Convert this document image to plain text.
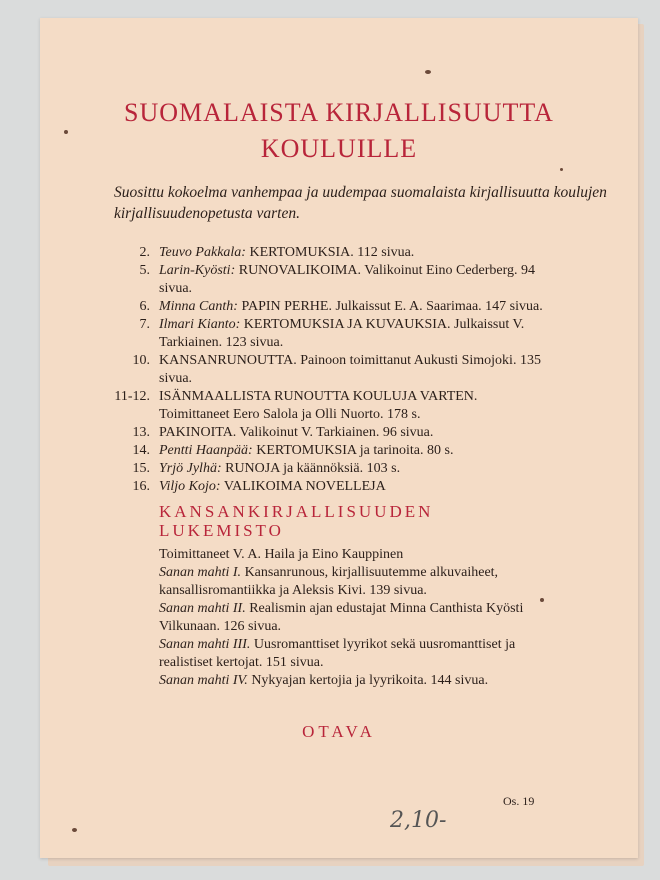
SUOMALAISTA KIRJALLISUUTTA
KOULUILLE
Suosittu kokoelma vanhempaa ja uudempaa suomalaista kirjallisuutta koulujen kirjallisuudenopetusta varten.
2. Teuvo Pakkala: KERTOMUKSIA. 112 sivua.
5. Larin-Kyösti: RUNOVALIKOIMA. Valikoinut Eino Cederberg. 94 sivua.
6. Minna Canth: PAPIN PERHE. Julkaissut E. A. Saarimaa. 147 sivua.
7. Ilmari Kianto: KERTOMUKSIA JA KUVAUKSIA. Julkaissut V. Tarkiainen. 123 sivua.
10. KANSANRUNOUTTA. Painoon toimittanut Aukusti Simojoki. 135 sivua.
11-12. ISÄNMAALLISTA RUNOUTTA KOULUJA VARTEN. Toimittaneet Eero Salola ja Olli Nuorto. 178 s.
13. PAKINOITA. Valikoinut V. Tarkiainen. 96 sivua.
14. Pentti Haanpää: KERTOMUKSIA ja tarinoita. 80 s.
15. Yrjö Jylhä: RUNOJA ja käännöksiä. 103 s.
16. Viljo Kojo: VALIKOIMA NOVELLEJA
KANSANKIRJALLISUUDEN
LUKEMISTO
Toimittaneet V. A. Haila ja Eino Kauppinen
Sanan mahti I. Kansanrunous, kirjallisuutemme alkuvaiheet, kansallisromantiikka ja Aleksis Kivi. 139 sivua.
Sanan mahti II. Realismin ajan edustajat Minna Canthista Kyösti Vilkunaan. 126 sivua.
Sanan mahti III. Uusromanttiset lyyrikot sekä uusromanttiset ja realistiset kertojat. 151 sivua.
Sanan mahti IV. Nykyajan kertojia ja lyyrikoita. 144 sivua.
OTAVA
Os. 19
2,10-
